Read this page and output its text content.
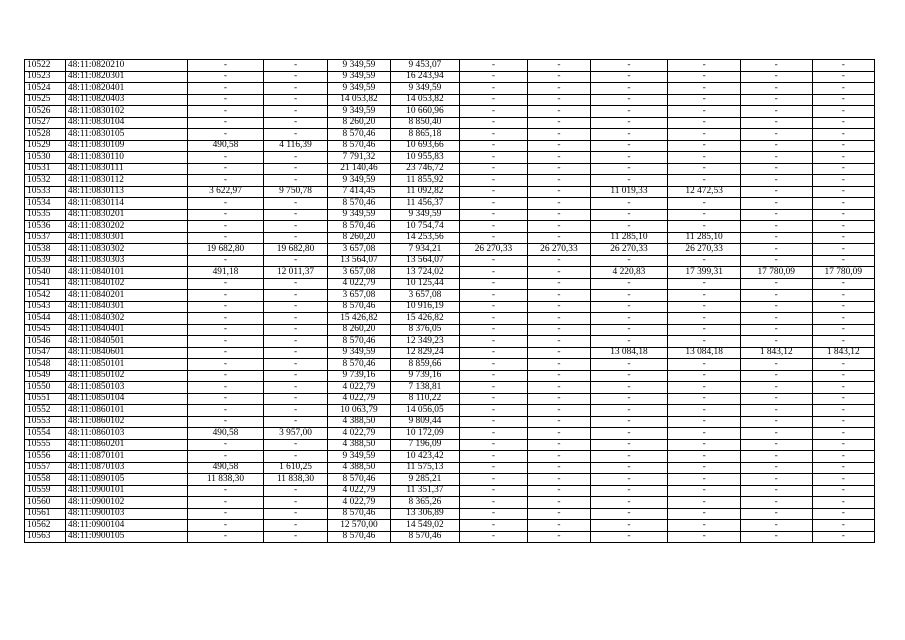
10522	48:11:0820210	-	-	9 349,59	9 453,07	-	-	-	-	-	-
10523	48:11:0820301	-	-	9 349,59	16 243,94	-	-	-	-	-	-
10524	48:11:0820401	-	-	9 349,59	9 349,59	-	-	-	-	-	-
10525	48:11:0820403	-	-	14 053,82	14 053,82	-	-	-	-	-	-
10526	48:11:0830102	-	-	9 349,59	10 660,96	-	-	-	-	-	-
10527	48:11:0830104	-	-	8 260,20	8 850,40	-	-	-	-	-	-
10528	48:11:0830105	-	-	8 570,46	8 865,18	-	-	-	-	-	-
10529	48:11:0830109	490,58	4 116,39	8 570,46	10 693,66	-	-	-	-	-	-
10530	48:11:0830110	-	-	7 791,32	10 955,83	-	-	-	-	-	-
10531	48:11:0830111	-	-	21 140,46	23 746,72	-	-	-	-	-	-
10532	48:11:0830112	-	-	9 349,59	11 855,92	-	-	-	-	-	-
10533	48:11:0830113	3 622,97	9 750,78	7 414,45	11 092,82	-	-	11 019,33	12 472,53	-	-
10534	48:11:0830114	-	-	8 570,46	11 456,37	-	-	-	-	-	-
10535	48:11:0830201	-	-	9 349,59	9 349,59	-	-	-	-	-	-
10536	48:11:0830202	-	-	8 570,46	10 754,74	-	-	-	-	-	-
10537	48:11:0830301	-	-	8 260,20	14 253,56	-	-	11 285,10	11 285,10	-	-
10538	48:11:0830302	19 682,80	19 682,80	3 657,08	7 934,21	26 270,33	26 270,33	26 270,33	26 270,33	-	-
10539	48:11:0830303	-	-	13 564,07	13 564,07	-	-	-	-	-	-
10540	48:11:0840101	491,18	12 011,37	3 657,08	13 724,02	-	-	4 220,83	17 399,31	17 780,09	17 780,09
10541	48:11:0840102	-	-	4 022,79	10 125,44	-	-	-	-	-	-
10542	48:11:0840201	-	-	3 657,08	3 657,08	-	-	-	-	-	-
10543	48:11:0840301	-	-	8 570,46	10 916,19	-	-	-	-	-	-
10544	48:11:0840302	-	-	15 426,82	15 426,82	-	-	-	-	-	-
10545	48:11:0840401	-	-	8 260,20	8 376,05	-	-	-	-	-	-
10546	48:11:0840501	-	-	8 570,46	12 349,23	-	-	-	-	-	-
10547	48:11:0840601	-	-	9 349,59	12 829,24	-	-	13 084,18	13 084,18	1 843,12	1 843,12
10548	48:11:0850101	-	-	8 570,46	8 859,66	-	-	-	-	-	-
10549	48:11:0850102	-	-	9 739,16	9 739,16	-	-	-	-	-	-
10550	48:11:0850103	-	-	4 022,79	7 138,81	-	-	-	-	-	-
10551	48:11:0850104	-	-	4 022,79	8 110,22	-	-	-	-	-	-
10552	48:11:0860101	-	-	10 063,79	14 056,05	-	-	-	-	-	-
10553	48:11:0860102	-	-	4 388,50	9 809,44	-	-	-	-	-	-
10554	48:11:0860103	490,58	3 957,00	4 022,79	10 172,09	-	-	-	-	-	-
10555	48:11:0860201	-	-	4 388,50	7 196,09	-	-	-	-	-	-
10556	48:11:0870101	-	-	9 349,59	10 423,42	-	-	-	-	-	-
10557	48:11:0870103	490,58	1 610,25	4 388,50	11 575,13	-	-	-	-	-	-
10558	48:11:0890105	11 838,30	11 838,30	8 570,46	9 285,21	-	-	-	-	-	-
10559	48:11:0900101	-	-	4 022,79	11 351,37	-	-	-	-	-	-
10560	48:11:0900102	-	-	4 022,79	8 365,26	-	-	-	-	-	-
10561	48:11:0900103	-	-	8 570,46	13 306,89	-	-	-	-	-	-
10562	48:11:0900104	-	-	12 570,00	14 549,02	-	-	-	-	-	-
10563	48:11:0900105	-	-	8 570,46	8 570,46	-	-	-	-	-	-
